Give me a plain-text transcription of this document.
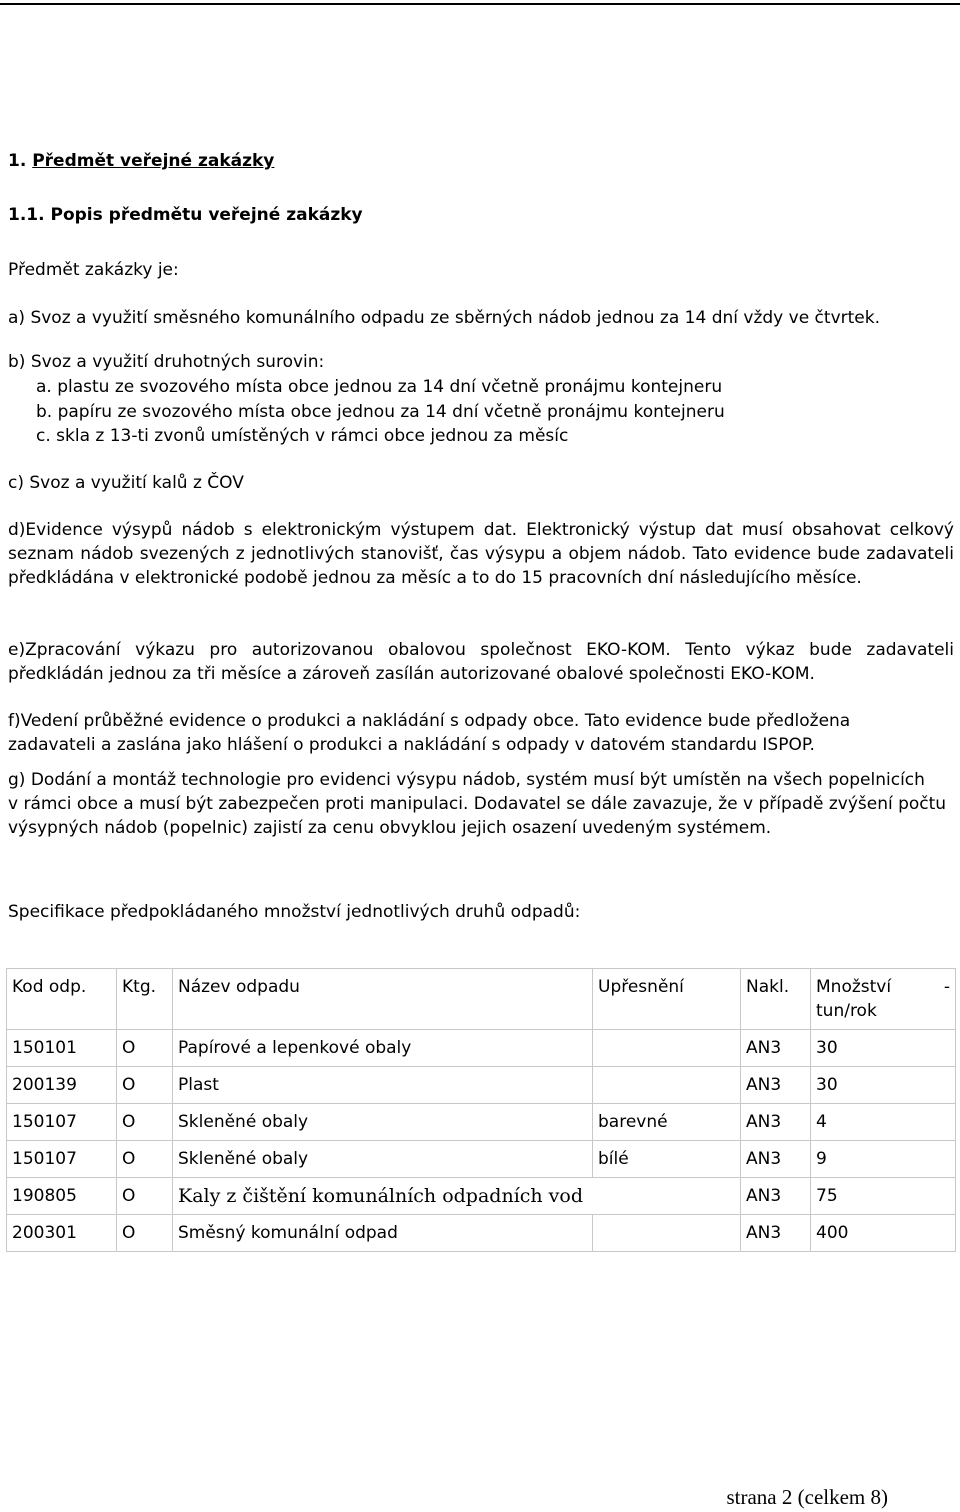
1. Předmět veřejné zakázky
1.1. Popis předmětu veřejné zakázky
Předmět zakázky je:
a) Svoz a využití směsného komunálního odpadu ze sběrných nádob jednou za 14 dní vždy ve čtvrtek.
b) Svoz a využití druhotných surovin:
a. plastu ze svozového místa obce jednou za 14 dní včetně pronájmu kontejneru
b. papíru ze svozového místa obce jednou za 14 dní včetně pronájmu kontejneru
c. skla z 13-ti zvonů umístěných v rámci obce jednou za měsíc
c) Svoz a využití kalů z ČOV
d)Evidence výsypů nádob s elektronickým výstupem dat. Elektronický výstup dat musí obsahovat celkový seznam nádob svezených z jednotlivých stanovišť, čas výsypu a objem nádob. Tato evidence bude zadavateli předkládána v elektronické podobě jednou za měsíc a to do 15 pracovních dní následujícího měsíce.
e)Zpracování výkazu pro autorizovanou obalovou společnost EKO-KOM. Tento výkaz bude zadavateli předkládán jednou za tři měsíce a zároveň zasílán autorizované obalové společnosti EKO-KOM.
f)Vedení průběžné evidence o produkci a nakládání s odpady obce. Tato evidence bude předložena
zadavateli a zaslána jako hlášení o produkci a nakládání s odpady v datovém standardu ISPOP.
g) Dodání a montáž technologie pro evidenci výsypu nádob, systém musí být umístěn na všech popelnicích
v rámci obce a musí být zabezpečen proti manipulaci. Dodavatel se dále zavazuje, že v případě zvýšení počtu
výsypných nádob (popelnic) zajistí za cenu obvyklou jejich osazení uvedeným systémem.
Specifikace předpokládaného množství jednotlivých druhů odpadů:
Kod odp.	Ktg.	Název odpadu	Upřesnění	Nakl.	Množství -
tun/rok

150101	O	Papírové a lepenkové obaly		AN3	30
200139	O	Plast		AN3	30
150107	O	Skleněné obaly	barevné	AN3	4
150107	O	Skleněné obaly	bílé	AN3	9
190805	O	Kaly z čištění komunálních odpadních vod		AN3	75
200301	O	Směsný komunální odpad		AN3	400
strana 2 (celkem 8)
